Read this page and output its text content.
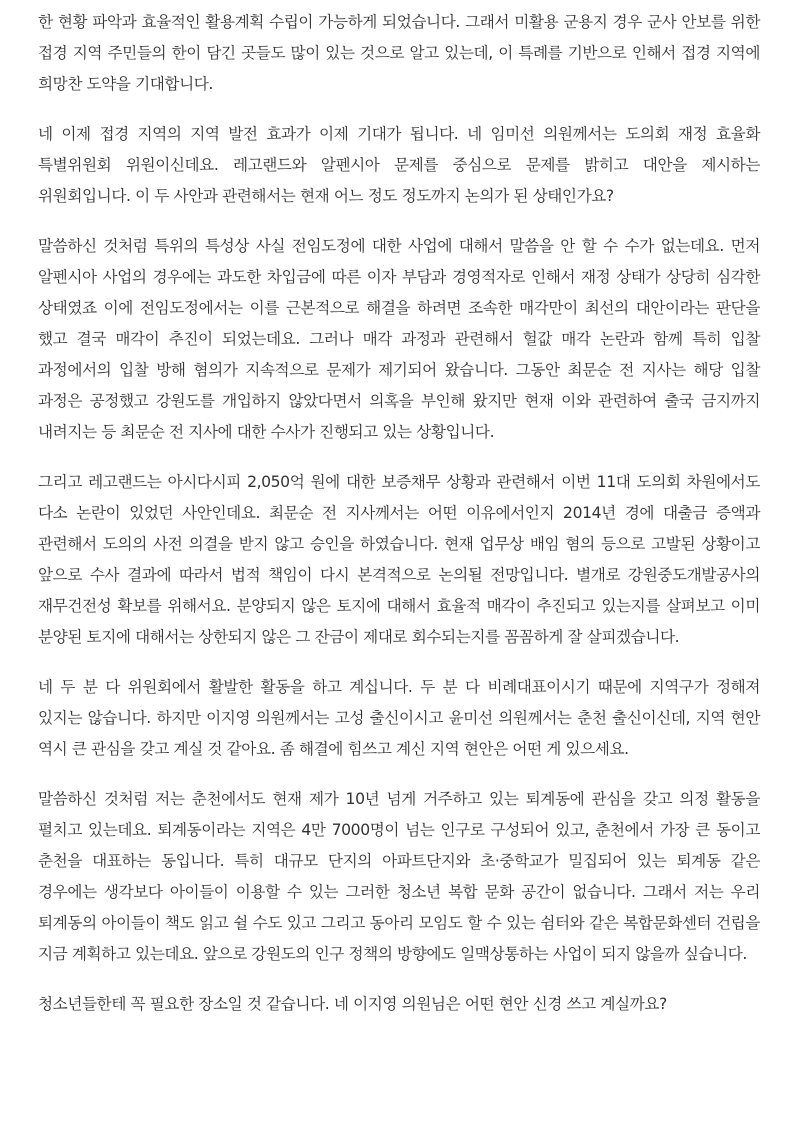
한 현황 파악과 효율적인 활용계획 수립이 가능하게 되었습니다. 그래서 미활용 군용지 경우 군사 안보를 위한 접경 지역 주민들의 한이 담긴 곳들도 많이 있는 것으로 알고 있는데, 이 특례를 기반으로 인해서 접경 지역에 희망찬 도약을 기대합니다.

네 이제 접경 지역의 지역 발전 효과가 이제 기대가 됩니다. 네 임미선 의원께서는 도의회 재정 효율화 특별위원회 위원이신데요. 레고랜드와 알펜시아 문제를 중심으로 문제를 밝히고 대안을 제시하는 위원회입니다. 이 두 사안과 관련해서는 현재 어느 정도 정도까지 논의가 된 상태인가요?

말씀하신 것처럼 특위의 특성상 사실 전임도정에 대한 사업에 대해서 말씀을 안 할 수 수가 없는데요. 먼저 알펜시아 사업의 경우에는 과도한 차입금에 따른 이자 부담과 경영적자로 인해서 재정 상태가 상당히 심각한 상태였죠 이에 전임도정에서는 이를 근본적으로 해결을 하려면 조속한 매각만이 최선의 대안이라는 판단을 했고 결국 매각이 추진이 되었는데요. 그러나 매각 과정과 관련해서 헐값 매각 논란과 함께 특히 입찰 과정에서의 입찰 방해 혐의가 지속적으로 문제가 제기되어 왔습니다. 그동안 최문순 전 지사는 해당 입찰 과정은 공정했고 강원도를 개입하지 않았다면서 의혹을 부인해 왔지만 현재 이와 관련하여 출국 금지까지 내려지는 등 최문순 전 지사에 대한 수사가 진행되고 있는 상황입니다.

그리고 레고랜드는 아시다시피 2,050억 원에 대한 보증채무 상황과 관련해서 이번 11대 도의회 차원에서도 다소 논란이 있었던 사안인데요. 최문순 전 지사께서는 어떤 이유에서인지 2014년 경에 대출금 증액과 관련해서 도의의 사전 의결을 받지 않고 승인을 하였습니다. 현재 업무상 배임 혐의 등으로 고발된 상황이고 앞으로 수사 결과에 따라서 법적 책임이 다시 본격적으로 논의될 전망입니다. 별개로 강원중도개발공사의 재무건전성 확보를 위해서요. 분양되지 않은 토지에 대해서 효율적 매각이 추진되고 있는지를 살펴보고 이미 분양된 토지에 대해서는 상한되지 않은 그 잔금이 제대로 회수되는지를 꼼꼼하게 잘 살피겠습니다.

네 두 분 다 위원회에서 활발한 활동을 하고 계십니다. 두 분 다 비례대표이시기 때문에 지역구가 정해져 있지는 않습니다. 하지만 이지영 의원께서는 고성 출신이시고 윤미선 의원께서는 춘천 출신이신데, 지역 현안 역시 큰 관심을 갖고 계실 것 같아요. 좀 해결에 힘쓰고 계신 지역 현안은 어떤 게 있으세요.

말씀하신 것처럼 저는 춘천에서도 현재 제가 10년 넘게 거주하고 있는 퇴계동에 관심을 갖고 의정 활동을 펼치고 있는데요. 퇴계동이라는 지역은 4만 7000명이 넘는 인구로 구성되어 있고, 춘천에서 가장 큰 동이고 춘천을 대표하는 동입니다. 특히 대규모 단지의 아파트단지와 초·중학교가 밀집되어 있는 퇴계동 같은 경우에는 생각보다 아이들이 이용할 수 있는 그러한 청소년 복합 문화 공간이 없습니다. 그래서 저는 우리 퇴계동의 아이들이 책도 읽고 쉴 수도 있고 그리고 동아리 모임도 할 수 있는 쉼터와 같은 복합문화센터 건립을 지금 계획하고 있는데요. 앞으로 강원도의 인구 정책의 방향에도 일맥상통하는 사업이 되지 않을까 싶습니다.

청소년들한테 꼭 필요한 장소일 것 같습니다. 네 이지영 의원님은 어떤 현안 신경 쓰고 계실까요?
